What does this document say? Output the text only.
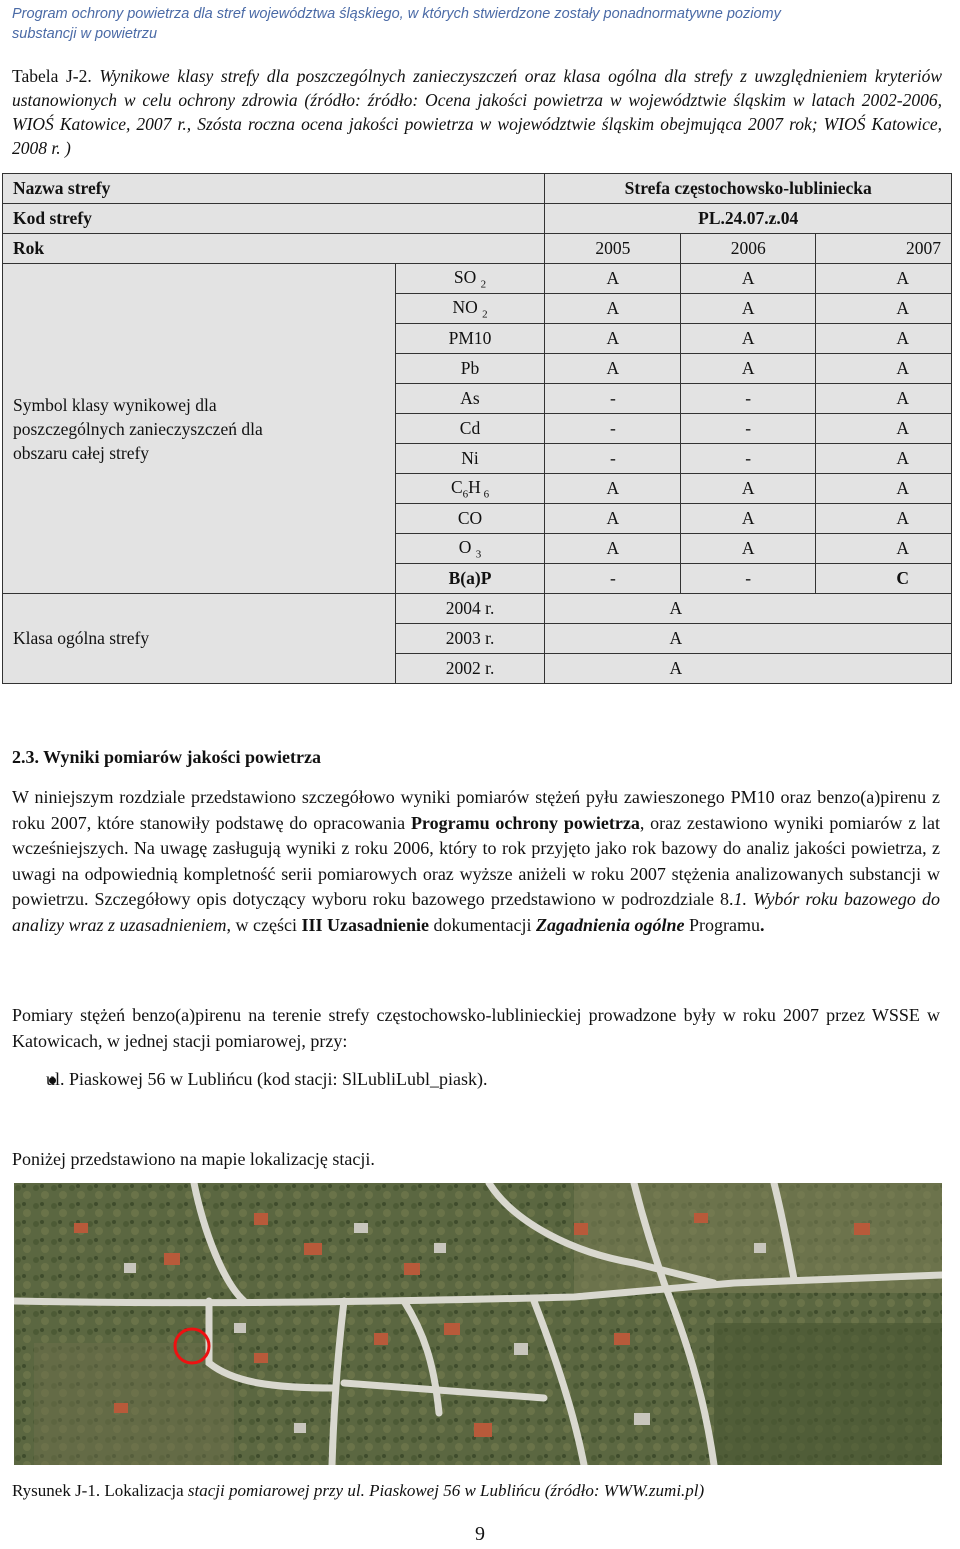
Program ochrony powietrza dla stref województwa śląskiego, w których stwierdzone zostały ponadnormatywne poziomy
substancji w powietrzu
Tabela J-2. Wynikowe klasy strefy dla poszczególnych zanieczyszczeń oraz klasa ogólna dla strefy z uwzględnieniem kryteriów ustanowionych w celu ochrony zdrowia (źródło: źródło: Ocena jakości powietrza w województwie śląskim w latach 2002-2006, WIOŚ Katowice, 2007 r., Szósta roczna ocena jakości powietrza w województwie śląskim obejmująca 2007 rok; WIOŚ Katowice, 2008 r. )
Nazwa strefy		Strefa częstochowsko-lubliniecka		
Kod strefy		PL.24.07.z.04		
Rok		2005	2006	2007
Symbol klasy wynikowej dla poszczególnych zanieczyszczeń dla obszaru całej strefy	SO $_2$	A	A	A
	NO $_2$	A	A	A
	PM10	A	A	A
	Pb	A	A	A
	As	-	-	A
	Cd	-	-	A
	Ni	-	-	A
	$C_6H$ $_6$	A	A	A
	CO	A	A	A
	O $_3$	A	A	A
	B(a)P	-	-	C
Klasa ogólna strefy	2004 r.	A		
	2003 r.	A		
	2002 r.	A		
2.3. Wyniki pomiarów jakości powietrza
W niniejszym rozdziale przedstawiono szczegółowo wyniki pomiarów stężeń pyłu zawieszonego PM10 oraz benzo(a)pirenu z roku 2007, które stanowiły podstawę do opracowania Programu ochrony powietrza, oraz zestawiono wyniki pomiarów z lat wcześniejszych. Na uwagę zasługują wyniki z roku 2006, który to rok przyjęto jako rok bazowy do analiz jakości powietrza, z uwagi na odpowiednią kompletność serii pomiarowych oraz wyższe aniżeli w roku 2007 stężenia analizowanych substancji w powietrzu. Szczegółowy opis dotyczący wyboru roku bazowego przedstawiono w podrozdziale 8.1. Wybór roku bazowego do analizy wraz z uzasadnieniem, w części III Uzasadnienie dokumentacji Zagadnienia ogólne Programu.
Pomiary stężeń benzo(a)pirenu na terenie strefy częstochowsko-lublinieckiej prowadzone były w roku 2007 przez WSSE w Katowicach, w jednej stacji pomiarowej, przy:
ul. Piaskowej 56 w Lublińcu (kod stacji: SlLubliLubl_piask).
Poniżej przedstawiono na mapie lokalizację stacji.
Rysunek J-1. Lokalizacja stacji pomiarowej przy ul. Piaskowej 56 w Lublińcu (źródło: WWW.zumi.pl)
9
